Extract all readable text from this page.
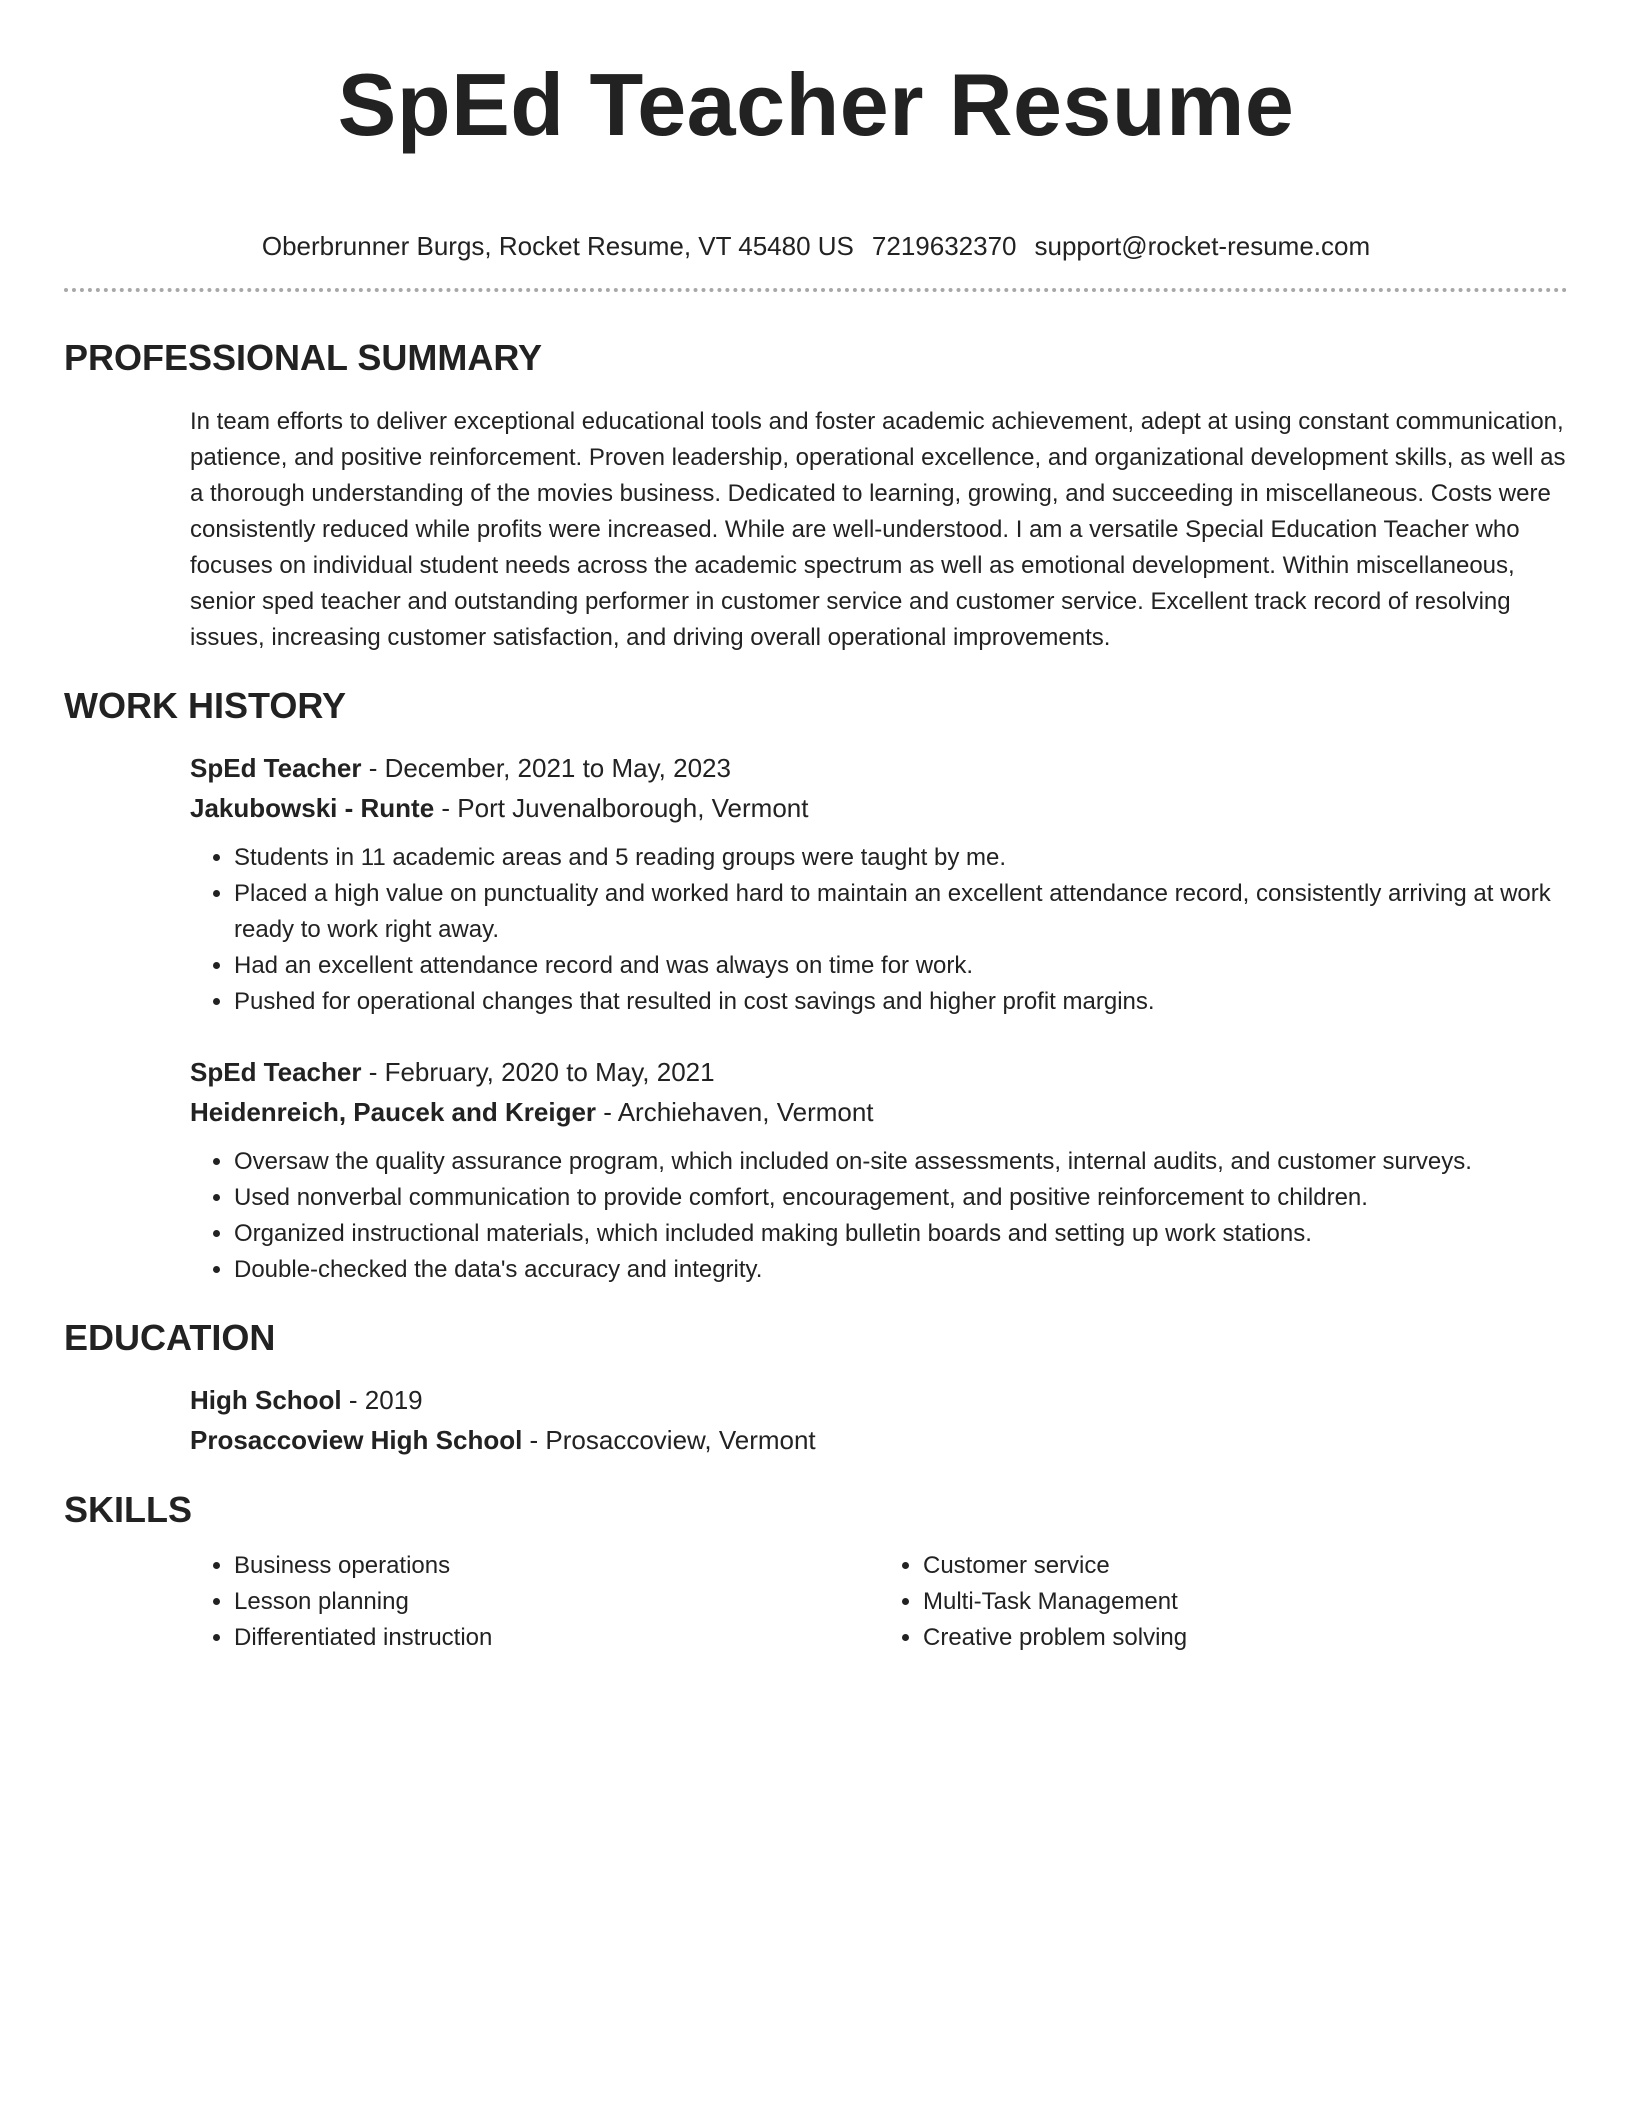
SpEd Teacher Resume
Oberbrunner Burgs, Rocket Resume, VT 45480 US 7219632370 support@rocket-resume.com
PROFESSIONAL SUMMARY
In team efforts to deliver exceptional educational tools and foster academic achievement, adept at using constant communication, patience, and positive reinforcement. Proven leadership, operational excellence, and organizational development skills, as well as a thorough understanding of the movies business. Dedicated to learning, growing, and succeeding in miscellaneous. Costs were consistently reduced while profits were increased. While are well-understood. I am a versatile Special Education Teacher who focuses on individual student needs across the academic spectrum as well as emotional development. Within miscellaneous, senior sped teacher and outstanding performer in customer service and customer service. Excellent track record of resolving issues, increasing customer satisfaction, and driving overall operational improvements.
WORK HISTORY
SpEd Teacher - December, 2021 to May, 2023
Jakubowski - Runte - Port Juvenalborough, Vermont
• Students in 11 academic areas and 5 reading groups were taught by me.
• Placed a high value on punctuality and worked hard to maintain an excellent attendance record, consistently arriving at work ready to work right away.
• Had an excellent attendance record and was always on time for work.
• Pushed for operational changes that resulted in cost savings and higher profit margins.
SpEd Teacher - February, 2020 to May, 2021
Heidenreich, Paucek and Kreiger - Archiehaven, Vermont
• Oversaw the quality assurance program, which included on-site assessments, internal audits, and customer surveys.
• Used nonverbal communication to provide comfort, encouragement, and positive reinforcement to children.
• Organized instructional materials, which included making bulletin boards and setting up work stations.
• Double-checked the data's accuracy and integrity.
EDUCATION
High School - 2019
Prosaccoview High School - Prosaccoview, Vermont
SKILLS
• Business operations
• Lesson planning
• Differentiated instruction
• Customer service
• Multi-Task Management
• Creative problem solving
